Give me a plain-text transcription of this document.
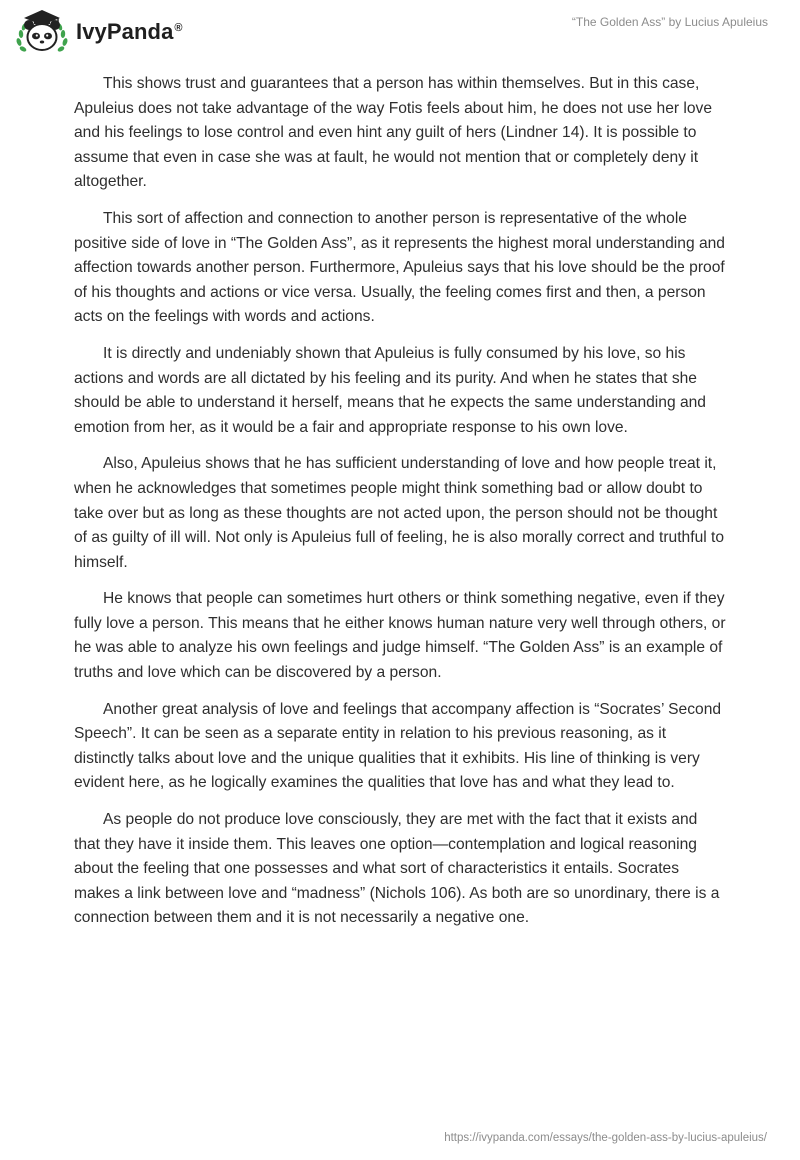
IvyPanda®	“The Golden Ass” by Lucius Apuleius

This shows trust and guarantees that a person has within themselves. But in this case, Apuleius does not take advantage of the way Fotis feels about him, he does not use her love and his feelings to lose control and even hint any guilt of hers (Lindner 14). It is possible to assume that even in case she was at fault, he would not mention that or completely deny it altogether.

This sort of affection and connection to another person is representative of the whole positive side of love in “The Golden Ass”, as it represents the highest moral understanding and affection towards another person. Furthermore, Apuleius says that his love should be the proof of his thoughts and actions or vice versa. Usually, the feeling comes first and then, a person acts on the feelings with words and actions.

It is directly and undeniably shown that Apuleius is fully consumed by his love, so his actions and words are all dictated by his feeling and its purity. And when he states that she should be able to understand it herself, means that he expects the same understanding and emotion from her, as it would be a fair and appropriate response to his own love.

Also, Apuleius shows that he has sufficient understanding of love and how people treat it, when he acknowledges that sometimes people might think something bad or allow doubt to take over but as long as these thoughts are not acted upon, the person should not be thought of as guilty of ill will. Not only is Apuleius full of feeling, he is also morally correct and truthful to himself.

He knows that people can sometimes hurt others or think something negative, even if they fully love a person. This means that he either knows human nature very well through others, or he was able to analyze his own feelings and judge himself. “The Golden Ass” is an example of truths and love which can be discovered by a person.

Another great analysis of love and feelings that accompany affection is “Socrates’ Second Speech”. It can be seen as a separate entity in relation to his previous reasoning, as it distinctly talks about love and the unique qualities that it exhibits. His line of thinking is very evident here, as he logically examines the qualities that love has and what they lead to.

As people do not produce love consciously, they are met with the fact that it exists and that they have it inside them. This leaves one option—contemplation and logical reasoning about the feeling that one possesses and what sort of characteristics it entails. Socrates makes a link between love and “madness” (Nichols 106). As both are so unordinary, there is a connection between them and it is not necessarily a negative one.

https://ivypanda.com/essays/the-golden-ass-by-lucius-apuleius/
